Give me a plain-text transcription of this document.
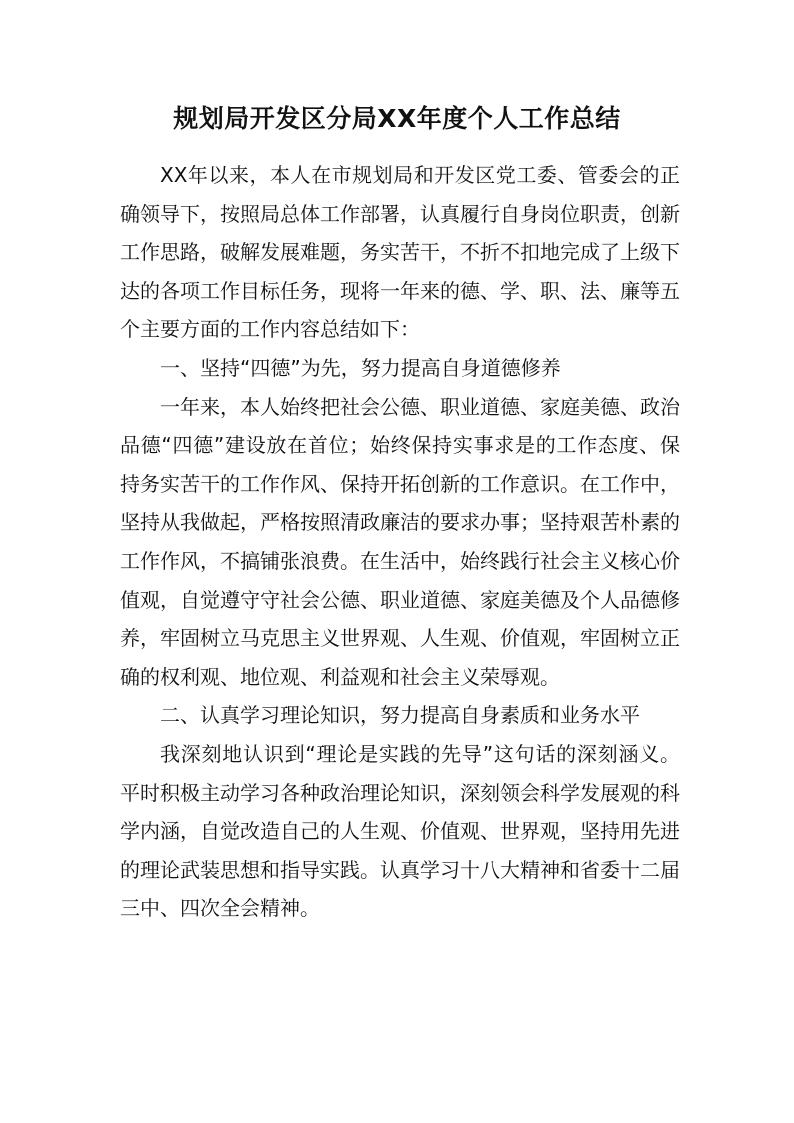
规划局开发区分局XX年度个人工作总结

XX年以来，本人在市规划局和开发区党工委、管委会的正确领导下，按照局总体工作部署，认真履行自身岗位职责，创新工作思路，破解发展难题，务实苦干，不折不扣地完成了上级下达的各项工作目标任务，现将一年来的德、学、职、法、廉等五个主要方面的工作内容总结如下：

一、坚持“四德”为先，努力提高自身道德修养

一年来，本人始终把社会公德、职业道德、家庭美德、政治品德“四德”建设放在首位；始终保持实事求是的工作态度、保持务实苦干的工作作风、保持开拓创新的工作意识。在工作中，坚持从我做起，严格按照清政廉洁的要求办事；坚持艰苦朴素的工作作风，不搞铺张浪费。在生活中，始终践行社会主义核心价值观，自觉遵守守社会公德、职业道德、家庭美德及个人品德修养，牢固树立马克思主义世界观、人生观、价值观，牢固树立正确的权利观、地位观、利益观和社会主义荣辱观。

二、认真学习理论知识，努力提高自身素质和业务水平

我深刻地认识到“理论是实践的先导”这句话的深刻涵义。平时积极主动学习各种政治理论知识，深刻领会科学发展观的科学内涵，自觉改造自己的人生观、价值观、世界观，坚持用先进的理论武装思想和指导实践。认真学习十八大精神和省委十二届三中、四次全会精神。
